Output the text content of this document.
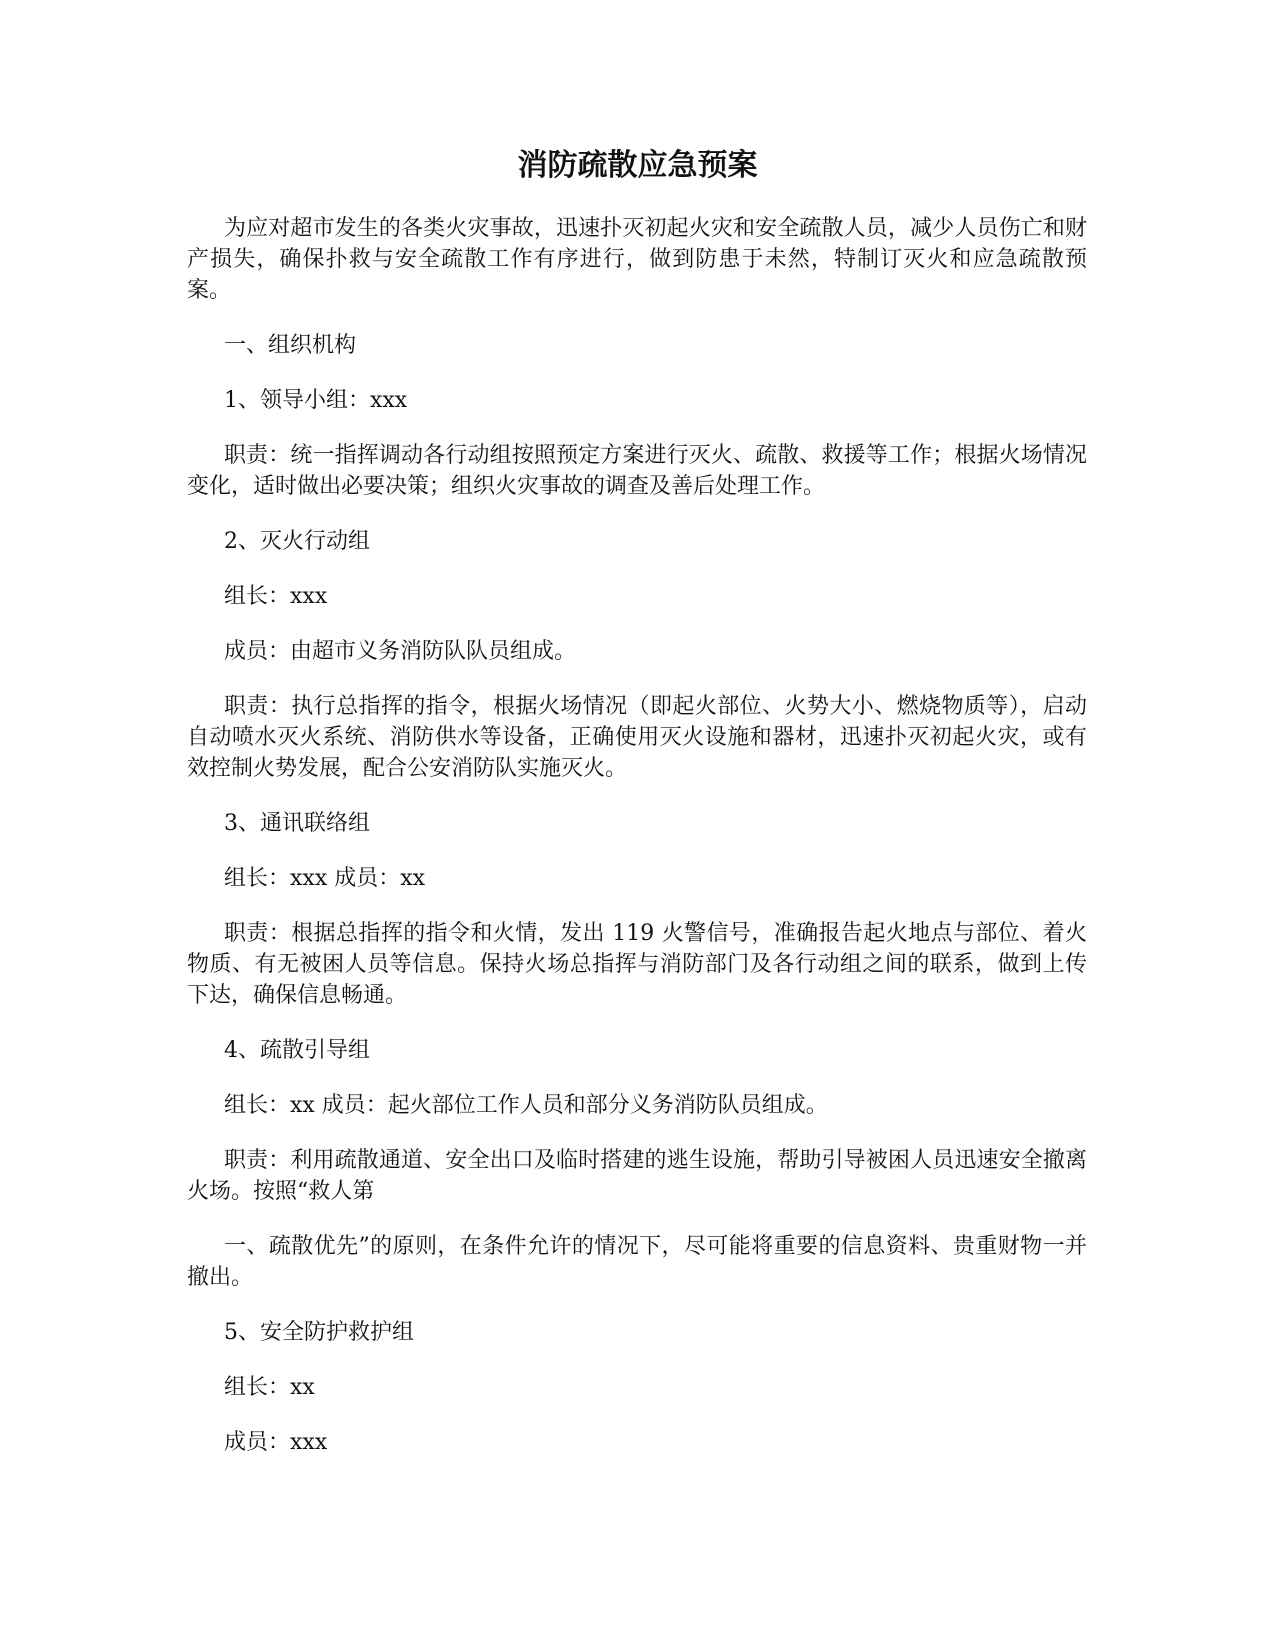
消防疏散应急预案

为应对超市发生的各类火灾事故，迅速扑灭初起火灾和安全疏散人员，减少人员伤亡和财产损失，确保扑救与安全疏散工作有序进行，做到防患于未然，特制订灭火和应急疏散预案。

一、组织机构

1、领导小组：xxx

职责：统一指挥调动各行动组按照预定方案进行灭火、疏散、救援等工作；根据火场情况变化，适时做出必要决策；组织火灾事故的调查及善后处理工作。

2、灭火行动组

组长：xxx

成员：由超市义务消防队队员组成。

职责：执行总指挥的指令，根据火场情况（即起火部位、火势大小、燃烧物质等），启动自动喷水灭火系统、消防供水等设备，正确使用灭火设施和器材，迅速扑灭初起火灾，或有效控制火势发展，配合公安消防队实施灭火。

3、通讯联络组

组长：xxx 成员：xx

职责：根据总指挥的指令和火情，发出 119 火警信号，准确报告起火地点与部位、着火物质、有无被困人员等信息。保持火场总指挥与消防部门及各行动组之间的联系，做到上传下达，确保信息畅通。

4、疏散引导组

组长：xx 成员：起火部位工作人员和部分义务消防队员组成。

职责：利用疏散通道、安全出口及临时搭建的逃生设施，帮助引导被困人员迅速安全撤离火场。按照“救人第

一、疏散优先”的原则，在条件允许的情况下，尽可能将重要的信息资料、贵重财物一并撤出。

5、安全防护救护组

组长：xx

成员：xxx
